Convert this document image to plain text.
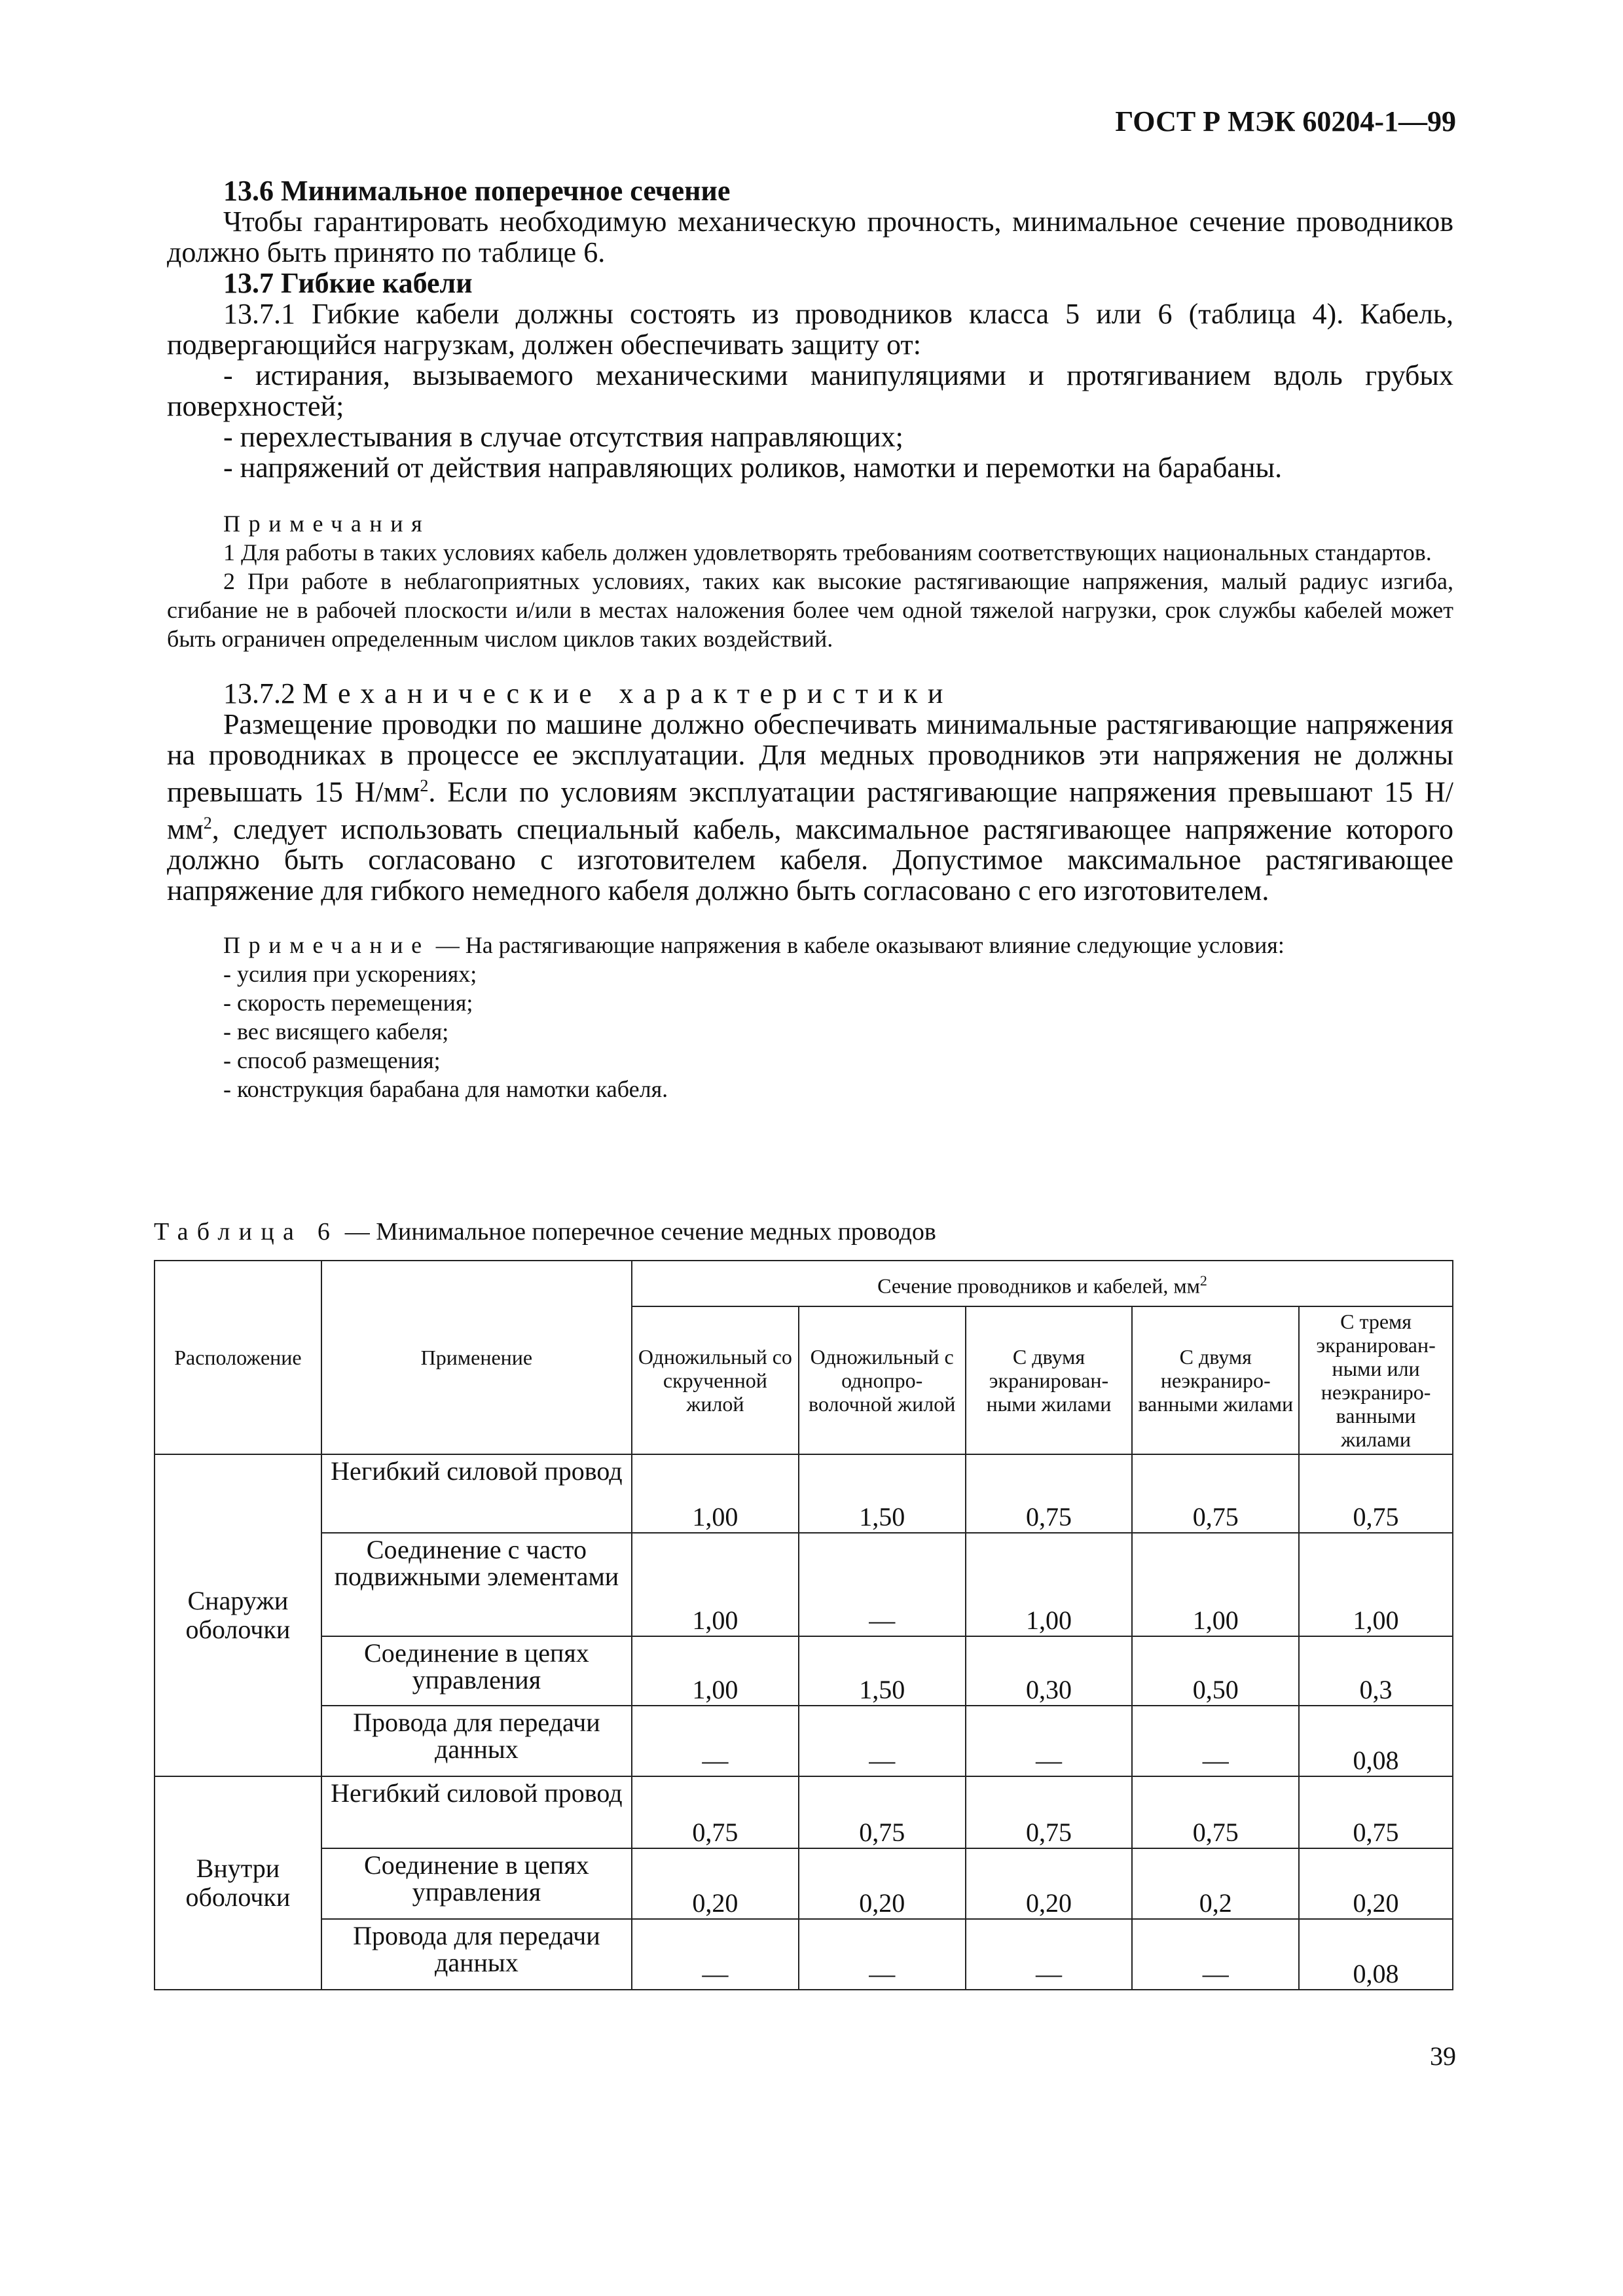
ГОСТ Р МЭК 60204-1—99

13.6 Минимальное поперечное сечение

Чтобы гарантировать необходимую механическую прочность, минимальное сечение проводников должно быть принято по таблице 6.

13.7 Гибкие кабели

13.7.1 Гибкие кабели должны состоять из проводников класса 5 или 6 (таблица 4). Кабель, подвергающийся нагрузкам, должен обеспечивать защиту от:

- истирания, вызываемого механическими манипуляциями и протягиванием вдоль грубых поверхностей;

- перехлестывания в случае отсутствия направляющих;

- напряжений от действия направляющих роликов, намотки и перемотки на барабаны.

Примечания

1 Для работы в таких условиях кабель должен удовлетворять требованиям соответствующих национальных стандартов.

2 При работе в неблагоприятных условиях, таких как высокие растягивающие напряжения, малый радиус изгиба, сгибание не в рабочей плоскости и/или в местах наложения более чем одной тяжелой нагрузки, срок службы кабелей может быть ограничен определенным числом циклов таких воздействий.

13.7.2 Механические характеристики

Размещение проводки по машине должно обеспечивать минимальные растягивающие напряжения на проводниках в процессе ее эксплуатации. Для медных проводников эти напряжения не должны превышать 15 $Н/мм^2$. Если по условиям эксплуатации растягивающие напряжения превышают 15 $Н/мм^2$, следует использовать специальный кабель, максимальное растягивающее напряжение которого должно быть согласовано с изготовителем кабеля. Допустимое максимальное растягивающее напряжение для гибкого немедного кабеля должно быть согласовано с его изготовителем.

Примечание — На растягивающие напряжения в кабеле оказывают влияние следующие условия:

- усилия при ускорениях;

- скорость перемещения;

- вес висящего кабеля;

- способ размещения;

- конструкция барабана для намотки кабеля.

Таблица 6 — Минимальное поперечное сечение медных проводов
Расположение	Применение	Сечение проводников и кабелей, $мм^2$
		Одножильный со скрученной жилой	Одножильный с однопро- волочной жилой	С двумя экранирован- ными жилами	С двумя неэкраниро- ванными жилами	С тремя экранирован- ными или неэкраниро- ванными жилами
Снаружи оболочки	Негибкий силовой провод	1,00	1,50	0,75	0,75	0,75
	Соединение с часто подвижными элементами	1,00	—	1,00	1,00	1,00
	Соединение в цепях управления	1,00	1,50	0,30	0,50	0,3
	Провода для передачи данных	—	—	—	—	0,08
Внутри оболочки	Негибкий силовой провод	0,75	0,75	0,75	0,75	0,75
	Соединение в цепях управления	0,20	0,20	0,20	0,2	0,20
	Провода для передачи данных	—	—	—	—	0,08
39
